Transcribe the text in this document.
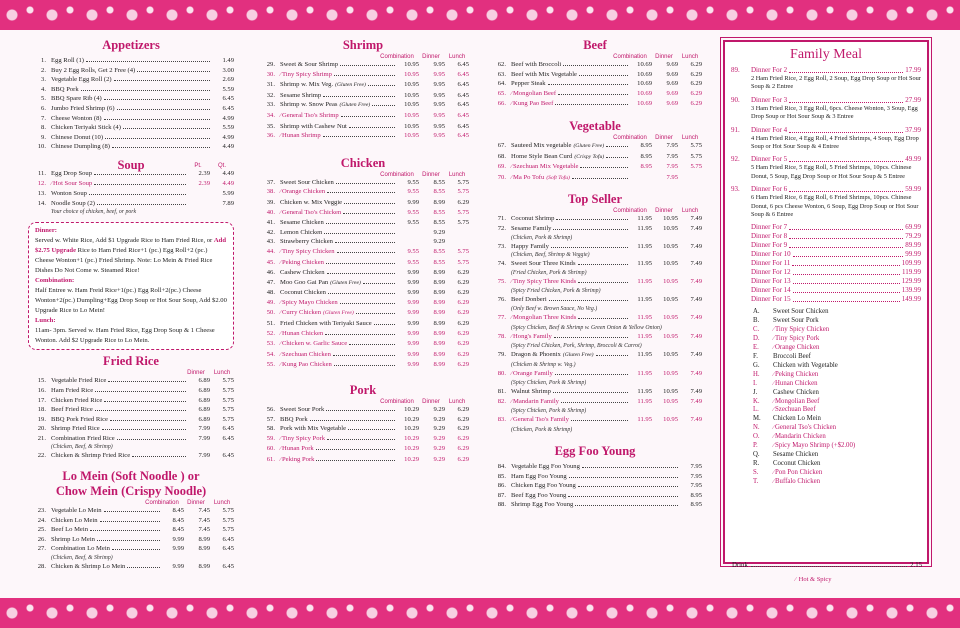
Appetizers
1. Egg Roll (1)	1.49
2. Buy 2 Egg Rolls, Get 2 Free (4)	3.00
3. Vegetable Egg Roll (2)	2.69
4. BBQ Pork	5.59
5. BBQ Spare Rib (4)	6.45
6. Jumbo Fried Shrimp (6)	6.45
7. Cheese Wonton (8)	4.99
8. Chicken Teriyaki Stick (4)	5.59
9. Chinese Donut (10)	4.99
10. Chinese Dumpling (8)	4.49
Soup	Pt.	Qt.
11. Egg Drop Soup	2.39	4.49
12. ∕Hot Sour Soup	2.39	4.49
13. Wonton Soup	5.99
14. Noodle Soup (2)	7.89
Your choice of chicken, beef, or pork
Dinner:
Served w. White Rice, Add $1 Upgrade Rice to Ham Fried Rice, or Add $2.75 Upgrade Rice to Ham Fried Rice+1 (pc.) Egg Roll+2 (pc.) Cheese Wonton+1 (pc.) Fried Shrimp. Note: Lo Mein & Fried Rice Dishes Do Not Come w. Steamed Rice!
Combination:
Half Entree w. Ham Freid Rice+1(pc.) Egg Roll+2(pc.) Cheese Wonton+2(pc.) Dumpling+Egg Drop Soup or Hot Sour Soup, Add $2.00 Upgrade Rice to Lo Mein!
Lunch:
11am- 3pm. Served w. Ham Fried Rice, Egg Drop Soup & 1 Cheese Wonton. Add $2 Upgrade Rice to Lo Mein.
Fried Rice
Dinner	Lunch
15. Vegetable Fried Rice	6.89	5.75
16. Ham Fried Rice	6.89	5.75
17. Chicken Fried Rice	6.89	5.75
18. Beef Fried Rice	6.89	5.75
19. BBQ Pork Fried Rice	6.89	5.75
20. Shrimp Fried Rice	7.99	6.45
21. Combination Fried Rice	7.99	6.45
(Chicken, Beef, & Shrimp)
22. Chicken & Shrimp Fried Rice	7.99	6.45
Lo Mein (Soft Noodle ) or
Chow Mein (Crispy Noodle)
Combination	Dinner	Lunch
23. Vegetable Lo Mein	8.45	7.45	5.75
24. Chicken Lo Mein	8.45	7.45	5.75
25. Beef Lo Mein	8.45	7.45	5.75
26. Shrimp Lo Mein	9.99	8.99	6.45
27. Combination Lo Mein	9.99	8.99	6.45
(Chicken, Beef, & Shrimp)
28. Chicken & Shrimp Lo Mein	9.99	8.99	6.45
Shrimp
Combination	Dinner	Lunch
29. Sweet & Sour Shrimp	10.95	9.95	6.45
30. ∕Tiny Spicy Shrimp	10.95	9.95	6.45
31. Shrimp w. Mix Veg. (Gluten Free)	10.95	9.95	6.45
32. Sesame Shrimp	10.95	9.95	6.45
33. Shrimp w. Snow Peas (Gluten Free)	10.95	9.95	6.45
34. ∕General Tso's Shrimp	10.95	9.95	6.45
35. Shrimp with Cashew Nut	10.95	9.95	6.45
36. ∕Hunan Shrimp	10.95	9.95	6.45
Chicken
Combination	Dinner	Lunch
37. Sweet Sour Chicken	9.55	8.55	5.75
38. ∕Orange Chicken	9.55	8.55	5.75
39. Chicken w. Mix Veggie	9.99	8.99	6.29
40. ∕General Tso's Chicken	9.55	8.55	5.75
41. Sesame Chicken	9.55	8.55	5.75
42. Lemon Chicken	9.29
43. Strawberry Chicken	9.29
44. ∕Tiny Spicy Chicken	9.55	8.55	5.75
45. ∕Peking Chicken	9.55	8.55	5.75
46. Cashew Chicken	9.99	8.99	6.29
47. Moo Goo Gai Pan (Gluten Free)	9.99	8.99	6.29
48. Coconut Chicken	9.99	8.99	6.29
49. ∕Spicy Mayo Chicken	9.99	8.99	6.29
50. ∕Curry Chicken (Gluten Free)	9.99	8.99	6.29
51. Fried Chicken with Teriyaki Sauce	9.99	8.99	6.29
52. ∕Hunan Chicken	9.99	8.99	6.29
53. ∕Chicken w. Garlic Sauce	9.99	8.99	6.29
54. ∕Szechuan Chicken	9.99	8.99	6.29
55. ∕Kung Pao Chicken	9.99	8.99	6.29
Pork
Combination	Dinner	Lunch
56. Sweet Sour Pork	10.29	9.29	6.29
57. BBQ Pork	10.29	9.29	6.29
58. Pork with Mix Vegetable	10.29	9.29	6.29
59. ∕Tiny Spicy Pork	10.29	9.29	6.29
60. ∕Hunan Pork	10.29	9.29	6.29
61. ∕Peking Pork	10.29	9.29	6.29
Beef
Combination	Dinner	Lunch
62. Beef with Broccoli	10.69	9.69	6.29
63. Beef with Mix Vegetable	10.69	9.69	6.29
64. Pepper Steak	10.69	9.69	6.29
65. ∕Mongolian Beef	10.69	9.69	6.29
66. ∕Kung Pao Beef	10.69	9.69	6.29
Vegetable
Combination	Dinner	Lunch
67. Sauteed Mix vegetable (Gluten Free)	8.95	7.95	5.75
68. Home Style Bean Curd (Crispy Tofu)	8.95	7.95	5.75
69. ∕Szechuan Mix Vegetable	8.95	7.95	5.75
70. ∕Ma Po Tofu (Soft Tofu)	7.95
Top Seller
Combination	Dinner	Lunch
71. Coconut Shrimp	11.95	10.95	7.49
72. Sesame Family	11.95	10.95	7.49
(Chicken, Pork & Shrimp)
73. Happy Family	11.95	10.95	7.49
(Chicken, Beef, Shrimp & Veggie)
74. Sweet Sour Three Kinds	11.95	10.95	7.49
(Fried Chicken, Pork & Shrimp)
75. ∕Tiny Spicy Three Kinds	11.95	10.95	7.49
(Spicy Fried Chicken, Pork & Shrimp)
76. Beef Donberi	11.95	10.95	7.49
(Only Beef w. Brown Sauce, No Veg.)
77. ∕Mongolian Three Kinds	11.95	10.95	7.49
(Spicy Chicken, Beef & Shrimp w. Green Onion & Yellow Onion)
78. ∕Hong's Family	11.95	10.95	7.49
(Spicy Fried Chicken, Pork, Shrimp, Broccoli & Carrot)
79. Dragon & Phoenix (Gluten Free)	11.95	10.95	7.49
(Chicken & Shrimp w. Veg.)
80. ∕Orange Family	11.95	10.95	7.49
(Spicy Chicken, Pork & Shrimp)
81. Walnut Shrimp	11.95	10.95	7.49
82. ∕Mandarin Family	11.95	10.95	7.49
(Spicy Chicken, Pork & Shrimp)
83. ∕General Tso's Family	11.95	10.95	7.49
(Chicken, Pork & Shrimp)
Egg Foo Young
84. Vegetable Egg Foo Young	7.95
85. Ham Egg Foo Young	7.95
86. Chicken Egg Foo Young	7.95
87. Beef Egg Foo Young	8.95
88. Shrimp Egg Foo Young	8.95
Family Meal
89.	Dinner For 2	17.99
2 Ham Fried Rice, 2 Egg Roll, 2 Soup, Egg Drop Soup or Hot Sour Soup & 2 Entree
90.	Dinner For 3	27.99
3 Ham Fried Rice, 3 Egg Roll, 6pcs. Cheese Wonton, 3 Soup, Egg Drop Soup or Hot Sour Soup & 3 Entree
91.	Dinner For 4	37.99
4 Ham Fried Rice, 4 Egg Roll, 4 Fried Shrimps, 4 Soup, Egg Drop Soup or Hot Sour Soup & 4 Entree
92.	Dinner For 5	49.99
5 Ham Fried Rice, 5 Egg Roll, 5 Fried Shrimps, 10pcs. Chinese Donut, 5 Soup, Egg Drop Soup or Hot Sour Soup & 5 Entree
93.	Dinner For 6	59.99
6 Ham Fried Rice, 6 Egg Roll, 6 Fried Shrimps, 10pcs. Chinese Donut, 6 pcs Cheese Wonton, 6 Soup, Egg Drop Soup or Hot Sour Soup & 6 Entree
Dinner For 7	69.99
Dinner For 8	79.29
Dinner For 9	89.99
Dinner For 10	99.99
Dinner For 11	109.99
Dinner For 12	119.99
Dinner For 13	129.99
Dinner For 14	139.99
Dinner For 15	149.99
A.	Sweet Sour Chicken
B.	Sweet Sour Pork
C.	∕Tiny Spicy Chicken
D.	∕Tiny Spicy Pork
E.	∕Orange Chicken
F.	Broccoli Beef
G.	Chicken with Vegetable
H.	∕Peking Chicken
I.	∕Hunan Chicken
J.	Cashew Chicken
K.	∕Mongolian Beef
L.	∕Szechuan Beef
M.	Chicken Lo Mein
N.	∕General Tso's Chicken
O.	∕Mandarin Chicken
P.	∕Spicy Mayo Shrimp (+$2.00)
Q.	Sesame Chicken
R.	Coconut Chicken
S.	∕Pon Pon Chicken
T.	∕Buffalo Chicken
Drink	2.15
∕ Hot & Spicy
